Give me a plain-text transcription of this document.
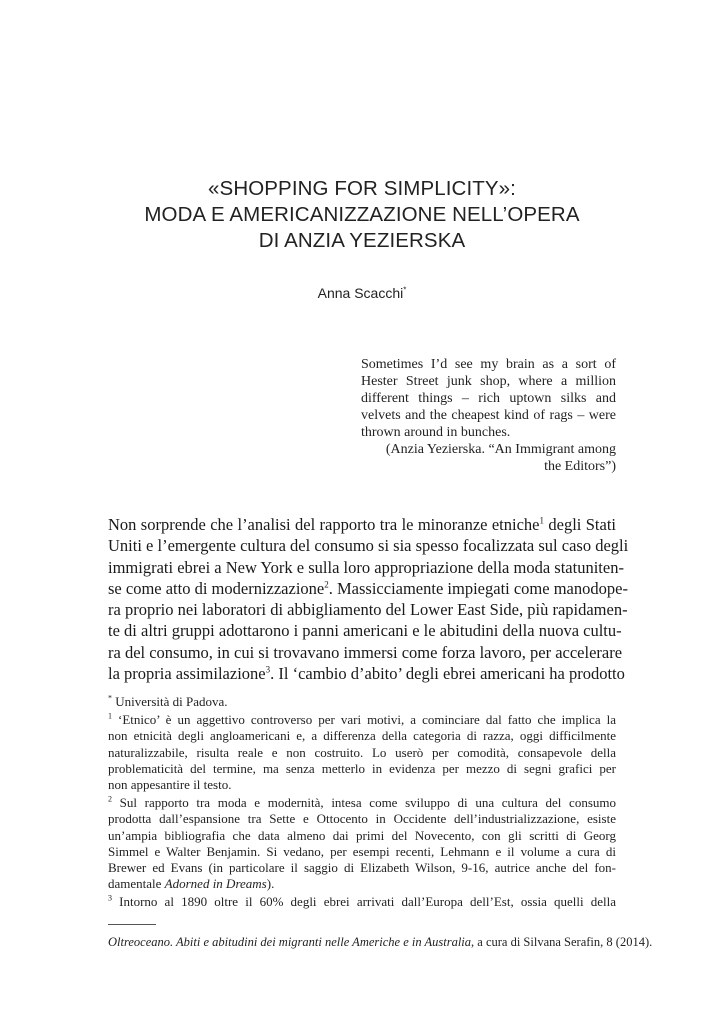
«SHOPPING FOR SIMPLICITY»:
MODA E AMERICANIZZAZIONE NELL’OPERA
DI ANZIA YEZIERSKA
Anna Scacchi*
Sometimes I’d see my brain as a sort of
Hester Street junk shop, where a million
different things – rich uptown silks and
velvets and the cheapest kind of rags – were
thrown around in bunches.
(Anzia Yezierska. “An Immigrant among
the Editors”)
Non sorprende che l’analisi del rapporto tra le minoranze etniche$^1$ degli Stati
Uniti e l’emergente cultura del consumo si sia spesso focalizzata sul caso degli
immigrati ebrei a New York e sulla loro appropriazione della moda statuniten-
se come atto di modernizzazione$^2$. Massicciamente impiegati come manodope-
ra proprio nei laboratori di abbigliamento del Lower East Side, più rapidamen-
te di altri gruppi adottarono i panni americani e le abitudini della nuova cultu-
ra del consumo, in cui si trovavano immersi come forza lavoro, per accelerare
la propria assimilazione$^3$. Il ‘cambio d’abito’ degli ebrei americani ha prodotto
* Università di Padova.
$^1$ ‘Etnico’ è un aggettivo controverso per vari motivi, a cominciare dal fatto che implica la
non etnicità degli angloamericani e, a differenza della categoria di razza, oggi difficilmente
naturalizzabile, risulta reale e non costruito. Lo userò per comodità, consapevole della
problematicità del termine, ma senza metterlo in evidenza per mezzo di segni grafici per
non appesantire il testo.
$^2$ Sul rapporto tra moda e modernità, intesa come sviluppo di una cultura del consumo
prodotta dall’espansione tra Sette e Ottocento in Occidente dell’industrializzazione, esiste
un’ampia bibliografia che data almeno dai primi del Novecento, con gli scritti di Georg
Simmel e Walter Benjamin. Si vedano, per esempi recenti, Lehmann e il volume a cura di
Brewer ed Evans (in particolare il saggio di Elizabeth Wilson, 9-16, autrice anche del fon-
damentale Adorned in Dreams).
$^3$ Intorno al 1890 oltre il 60% degli ebrei arrivati dall’Europa dell’Est, ossia quelli della
Oltreoceano. Abiti e abitudini dei migranti nelle Americhe e in Australia, a cura di Silvana Serafin, 8 (2014).
